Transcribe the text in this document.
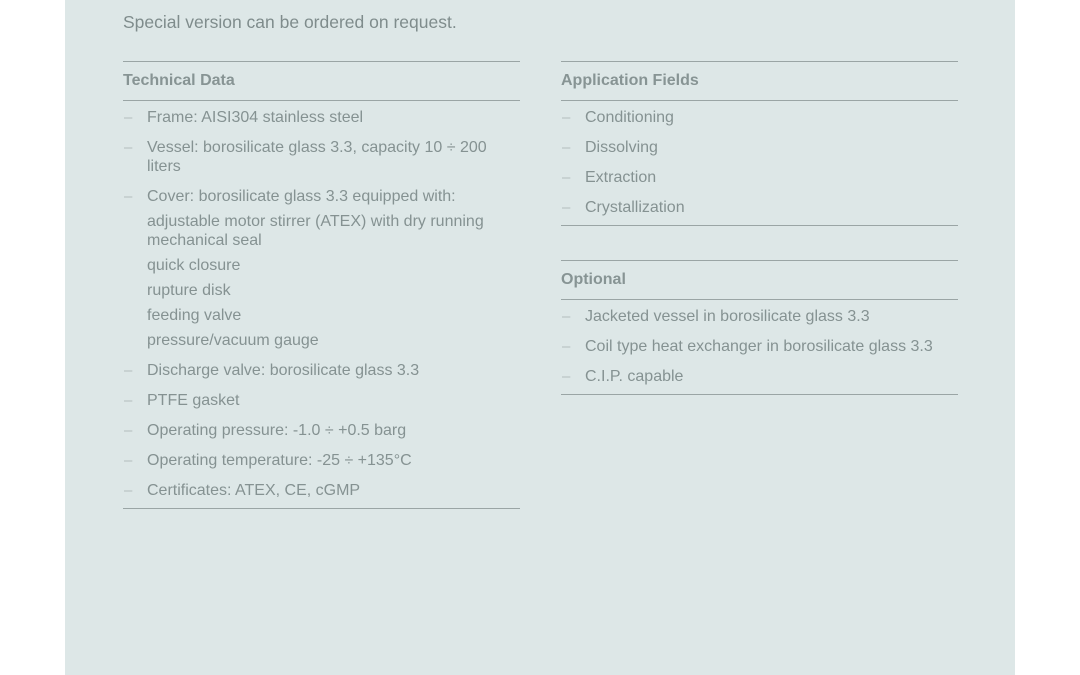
Special version can be ordered on request.
Technical Data
– Frame: AISI304 stainless steel
– Vessel: borosilicate glass 3.3, capacity 10 ÷ 200 liters
– Cover: borosilicate glass 3.3 equipped with:
adjustable motor stirrer (ATEX) with dry running mechanical seal
quick closure
rupture disk
feeding valve
pressure/vacuum gauge
– Discharge valve: borosilicate glass 3.3
– PTFE gasket
– Operating pressure: -1.0 ÷ +0.5 barg
– Operating temperature: -25 ÷ +135°C
– Certificates: ATEX, CE, cGMP
Application Fields
– Conditioning
– Dissolving
– Extraction
– Crystallization
Optional
– Jacketed vessel in borosilicate glass 3.3
– Coil type heat exchanger in borosilicate glass 3.3
– C.I.P. capable
